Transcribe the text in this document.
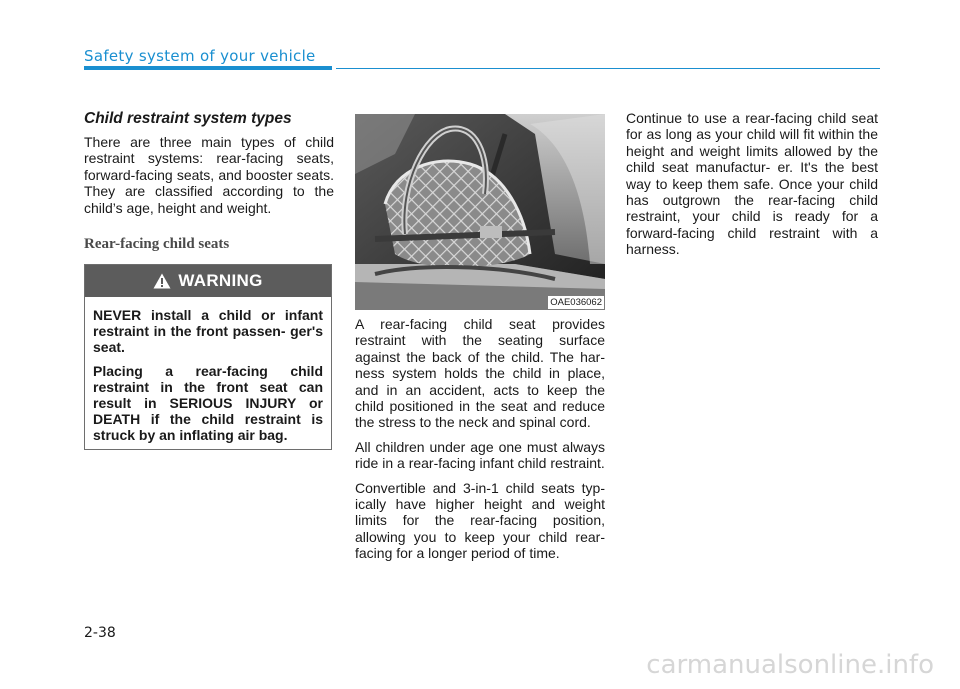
Safety system of your vehicle
Child restraint system types

There are three main types of child restraint systems: rear-facing seats, forward-facing seats, and booster seats. They are classified according to the child’s age, height and weight.

Rear-facing child seats
WARNING

NEVER install a child or infant restraint in the front passen- ger's seat.

Placing a rear-facing child restraint in the front seat can result in SERIOUS INJURY or DEATH if the child restraint is struck by an inflating air bag.

OAE036062

A rear-facing child seat provides restraint with the seating surface against the back of the child. The har- ness system holds the child in place, and in an accident, acts to keep the child positioned in the seat and reduce the stress to the neck and spinal cord.

All children under age one must always ride in a rear-facing infant child restraint.

Convertible and 3-in-1 child seats typ- ically have higher height and weight limits for the rear-facing position, allowing you to keep your child rear- facing for a longer period of time.

Continue to use a rear-facing child seat for as long as your child will fit within the height and weight limits allowed by the child seat manufactur- er. It's the best way to keep them safe. Once your child has outgrown the rear-facing child restraint, your child is ready for a forward-facing child restraint with a harness.

2-38
carmanualsonline.info
